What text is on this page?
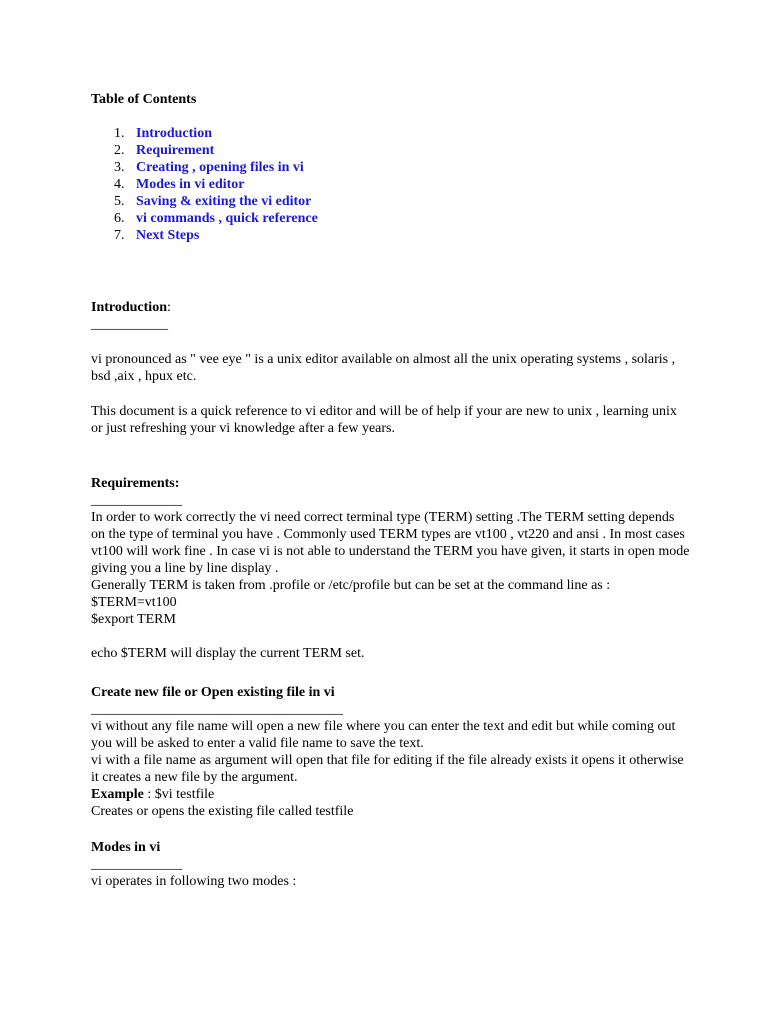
Table of Contents
1. Introduction
2. Requirement
3. Creating , opening files in vi
4. Modes in vi editor
5. Saving & exiting the vi editor
6. vi commands , quick reference
7. Next Steps
Introduction:
___________

vi pronounced as " vee eye " is a unix editor available on almost all the unix operating systems , solaris , bsd ,aix , hpux etc.

This document is a quick reference to vi editor and will be of help if your are new to unix , learning unix or just refreshing your vi knowledge after a few years.

Requirements:
_____________

In order to work correctly the vi need correct terminal type (TERM) setting .The TERM setting depends on the type of terminal you have . Commonly used TERM types are vt100 , vt220 and ansi . In most cases vt100 will work fine . In case vi is not able to understand the TERM you have given, it starts in open mode giving you a line by line display .

Generally TERM is taken from .profile or /etc/profile but can be set at the command line as :

$TERM=vt100

$export TERM

echo $TERM will display the current TERM set.

Create new file or Open existing file in vi
____________________________________

vi without any file name will open a new file where you can enter the text and edit but while coming out you will be asked to enter a valid file name to save the text.

vi with a file name as argument will open that file for editing if the file already exists it opens it otherwise it creates a new file by the argument.

Example : $vi testfile

Creates or opens the existing file called testfile

Modes in vi
_____________

vi operates in following two modes :
